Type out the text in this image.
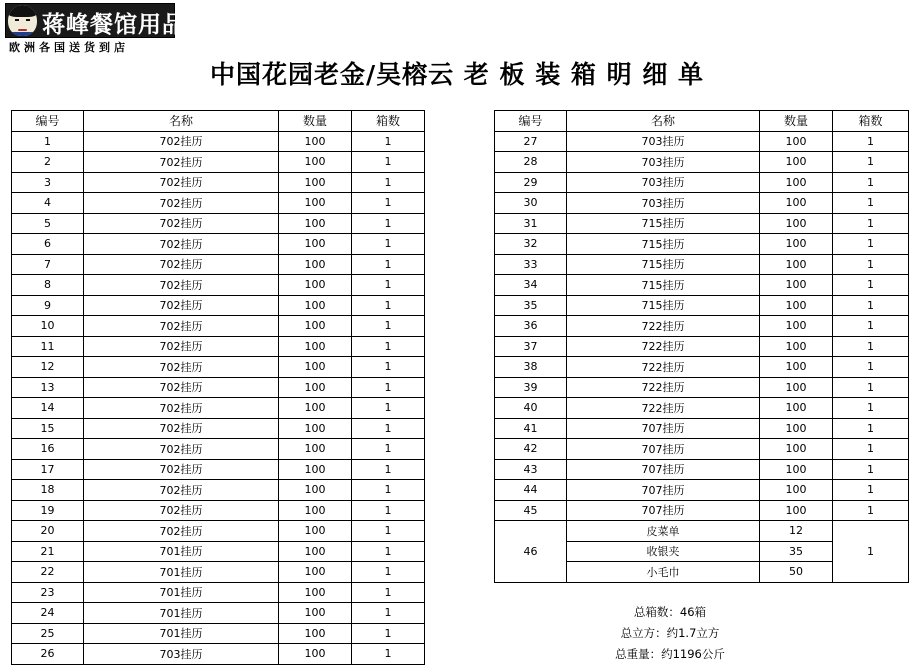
蒋峰餐馆用品
欧洲各国送货到店
中国花园老金/吴榕云 老 板 装 箱 明 细 单
编号	名称	数量	箱数
1	702挂历	100	1
2	702挂历	100	1
3	702挂历	100	1
4	702挂历	100	1
5	702挂历	100	1
6	702挂历	100	1
7	702挂历	100	1
8	702挂历	100	1
9	702挂历	100	1
10	702挂历	100	1
11	702挂历	100	1
12	702挂历	100	1
13	702挂历	100	1
14	702挂历	100	1
15	702挂历	100	1
16	702挂历	100	1
17	702挂历	100	1
18	702挂历	100	1
19	702挂历	100	1
20	702挂历	100	1
21	701挂历	100	1
22	701挂历	100	1
23	701挂历	100	1
24	701挂历	100	1
25	701挂历	100	1
26	703挂历	100	1
编号	名称	数量	箱数
27	703挂历	100	1
28	703挂历	100	1
29	703挂历	100	1
30	703挂历	100	1
31	715挂历	100	1
32	715挂历	100	1
33	715挂历	100	1
34	715挂历	100	1
35	715挂历	100	1
36	722挂历	100	1
37	722挂历	100	1
38	722挂历	100	1
39	722挂历	100	1
40	722挂历	100	1
41	707挂历	100	1
42	707挂历	100	1
43	707挂历	100	1
44	707挂历	100	1
45	707挂历	100	1
46	皮菜单	12	1
	收银夹	35	
	小毛巾	50	
总箱数：46箱
总立方：约1.7立方
总重量：约1196公斤
